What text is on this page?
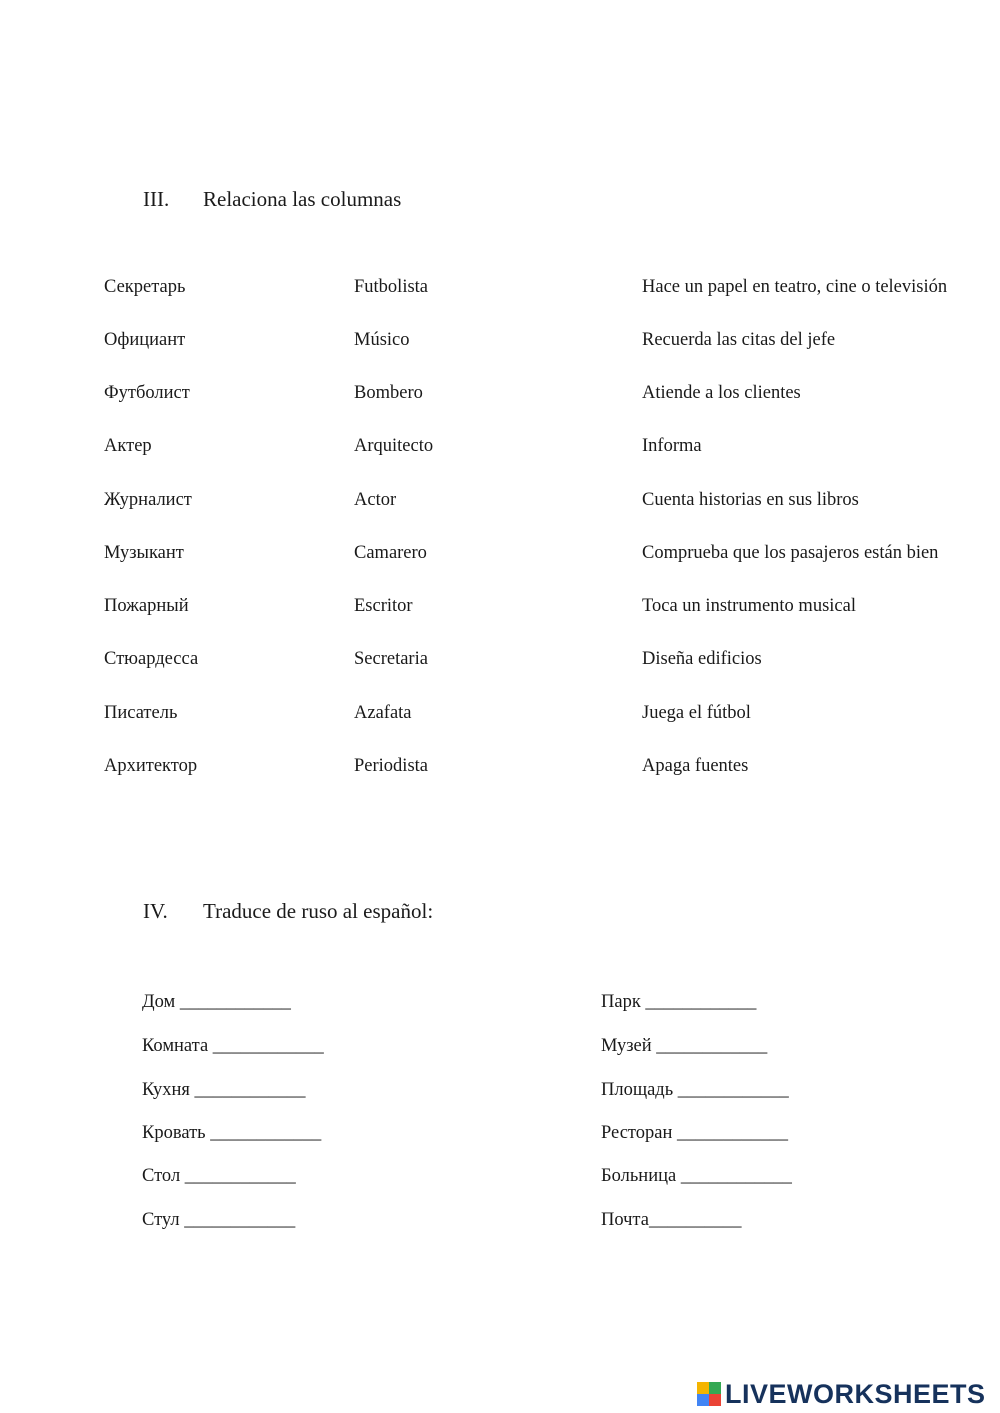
III. Relaciona las columnas
Секретарь	Futbolista	Hace un papel en teatro, cine o televisión
Официант	Músico	Recuerda las citas del jefe
Футболист	Bombero	Atiende a los clientes
Актер	Arquitecto	Informa
Журналист	Actor	Cuenta historias en sus libros
Музыкант	Camarero	Comprueba que los pasajeros están bien
Пожарный	Escritor	Toca un instrumento musical
Стюардесса	Secretaria	Diseña edificios
Писатель	Azafata	Juega el fútbol
Архитектор	Periodista	Apaga fuentes
IV. Traduce de ruso al español:
Дом ____________
Комната ____________
Кухня ____________
Кровать ____________
Стол ____________
Стул ____________
Парк ____________
Музей ____________
Площадь ____________
Ресторан ____________
Больница ____________
Почта__________
LIVEWORKSHEETS
